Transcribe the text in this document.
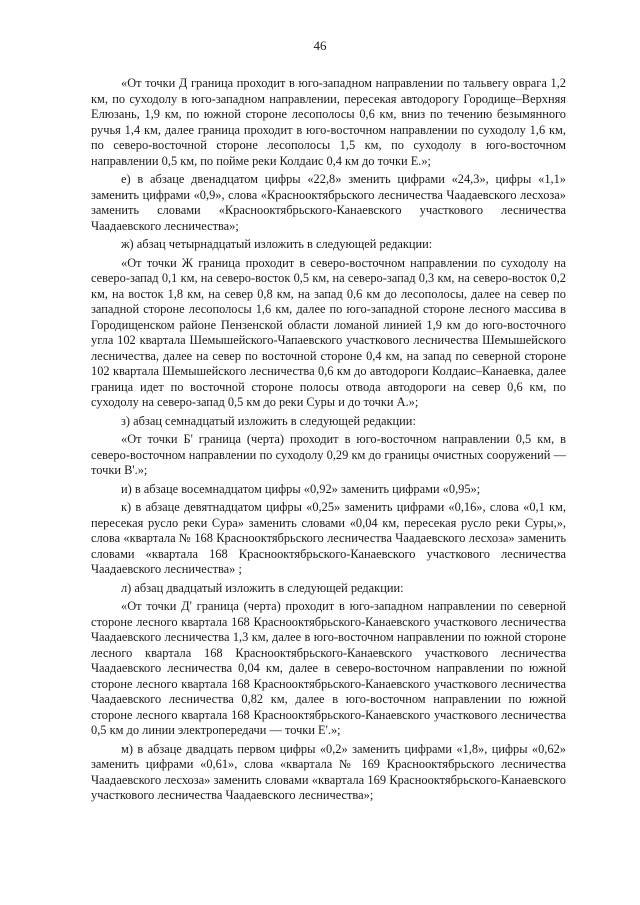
46

«От точки Д граница проходит в юго-западном направлении по тальвегу оврага 1,2 км, по суходолу в юго-западном направлении, пересекая автодорогу Городище–Верхняя Елюзань, 1,9 км, по южной стороне лесополосы 0,6 км, вниз по течению безымянного ручья 1,4 км, далее граница проходит в юго-восточном направлении по суходолу 1,6 км, по северо-восточной стороне лесополосы 1,5 км, по суходолу в юго-восточном направлении 0,5 км, по пойме реки Колдаис 0,4 км до точки Е.»;

е) в абзаце двенадцатом цифры «22,8» зменить цифрами «24,3», цифры «1,1» заменить цифрами «0,9», слова «Краснооктябрьского лесничества Чаадаевского лесхоза» заменить словами «Краснооктябрьского-Канаевского участкового лесничества Чаадаевского лесничества»;

ж) абзац четырнадцатый изложить в следующей редакции:

«От точки Ж граница проходит в северо-восточном направлении по суходолу на северо-запад 0,1 км, на северо-восток 0,5 км, на северо-запад 0,3 км, на северо-восток 0,2 км, на восток 1,8 км, на север 0,8 км, на запад 0,6 км до лесополосы, далее на север по западной стороне лесополосы 1,6 км, далее по юго-западной стороне лесного массива в Городищенском районе Пензенской области ломаной линией 1,9 км до юго-восточного угла 102 квартала Шемышейского-Чапаевского участкового лесничества Шемышейского лесничества, далее на север по восточной стороне 0,4 км, на запад по северной стороне 102 квартала Шемышейского лесничества 0,6 км до автодороги Колдаис–Канаевка, далее граница идет по восточной стороне полосы отвода автодороги на север 0,6 км, по суходолу на северо-запад 0,5 км до реки Суры и до точки А.»;

з) абзац семнадцатый изложить в следующей редакции:

«От точки Б' граница (черта) проходит в юго-восточном направлении 0,5 км, в северо-восточном направлении по суходолу 0,29 км до границы очистных сооружений — точки В'.»;

и) в абзаце восемнадцатом цифры «0,92» заменить цифрами «0,95»;

к) в абзаце девятнадцатом цифры «0,25» заменить цифрами «0,16», слова «0,1 км, пересекая русло реки Сура» заменить словами «0,04 км, пересекая русло реки Суры,», слова «квартала № 168 Краснооктябрьского лесничества Чаадаевского лесхоза» заменить словами «квартала 168 Краснооктябрьского-Канаевского участкового лесничества Чаадаевского лесничества» ;

л) абзац двадцатый изложить в следующей редакции:

«От точки Д' граница (черта) проходит в юго-западном направлении по северной стороне лесного квартала 168 Краснооктябрьского-Канаевского участкового лесничества Чаадаевского лесничества 1,3 км, далее в юго-восточном направлении по южной стороне лесного квартала 168 Краснооктябрьского-Канаевского участкового лесничества Чаадаевского лесничества 0,04 км, далее в северо-восточном направлении по южной стороне лесного квартала 168 Краснооктябрьского-Канаевского участкового лесничества Чаадаевского лесничества 0,82 км, далее в юго-восточном направлении по южной стороне лесного квартала 168 Краснооктябрьского-Канаевского участкового лесничества 0,5 км до линии электропередачи — точки Е'.»;

м) в абзаце двадцать первом цифры «0,2» заменить цифрами «1,8», цифры «0,62» заменить цифрами «0,61», слова «квартала № 169 Краснооктябрьского лесничества Чаадаевского лесхоза» заменить словами «квартала 169 Краснооктябрьского-Канаевского участкового лесничества Чаадаевского лесничества»;
